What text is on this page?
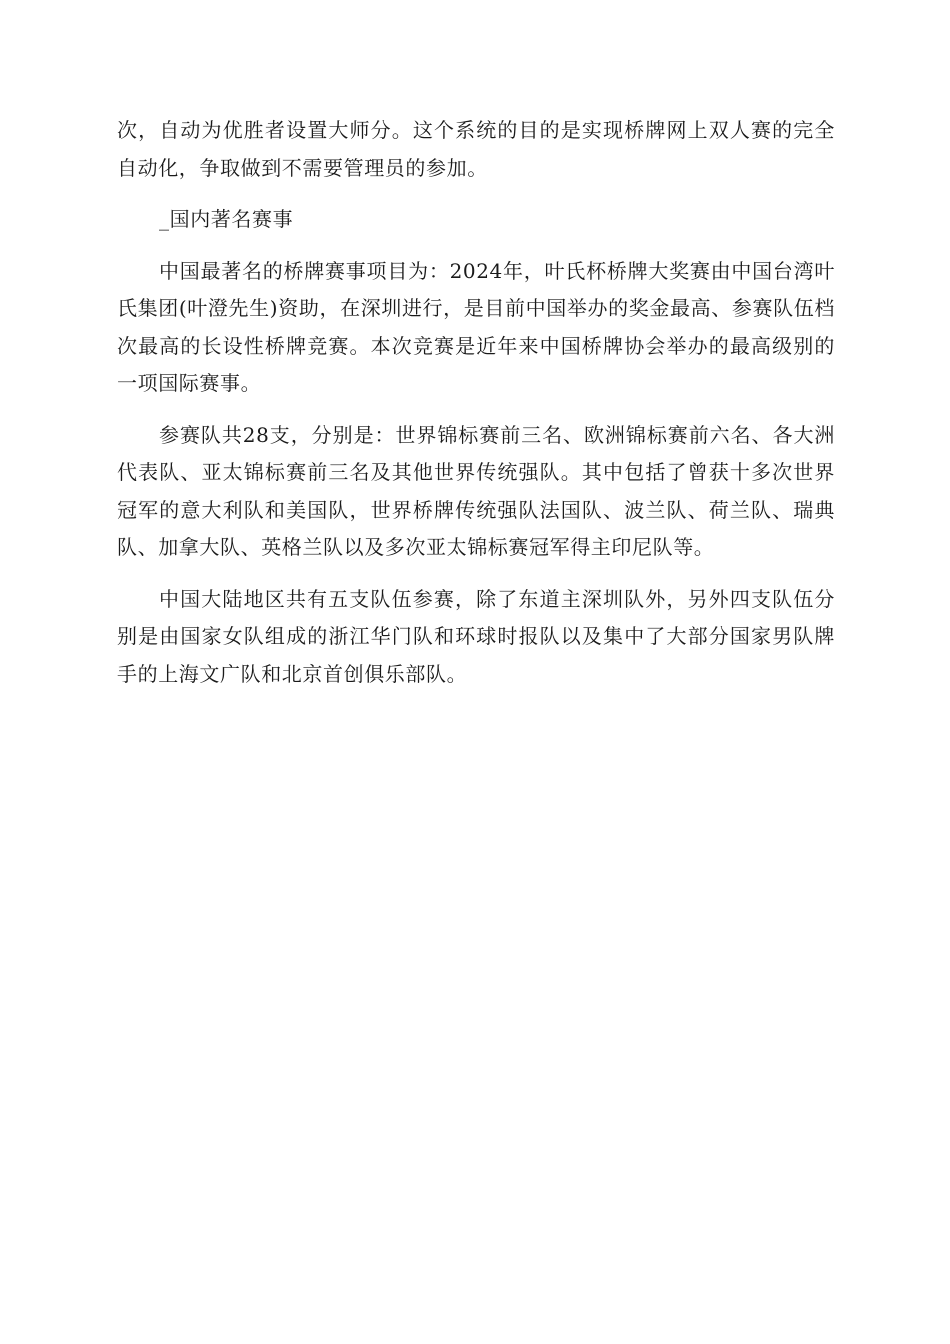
次，自动为优胜者设置大师分。这个系统的目的是实现桥牌网上双人赛的完全自动化，争取做到不需要管理员的参加。

_国内著名赛事

中国最著名的桥牌赛事项目为：2024年，叶氏杯桥牌大奖赛由中国台湾叶氏集团(叶澄先生)资助，在深圳进行，是目前中国举办的奖金最高、参赛队伍档次最高的长设性桥牌竞赛。本次竞赛是近年来中国桥牌协会举办的最高级别的一项国际赛事。

参赛队共28支，分别是：世界锦标赛前三名、欧洲锦标赛前六名、各大洲代表队、亚太锦标赛前三名及其他世界传统强队。其中包括了曾获十多次世界冠军的意大利队和美国队，世界桥牌传统强队法国队、波兰队、荷兰队、瑞典队、加拿大队、英格兰队以及多次亚太锦标赛冠军得主印尼队等。

中国大陆地区共有五支队伍参赛，除了东道主深圳队外，另外四支队伍分别是由国家女队组成的浙江华门队和环球时报队以及集中了大部分国家男队牌手的上海文广队和北京首创俱乐部队。
